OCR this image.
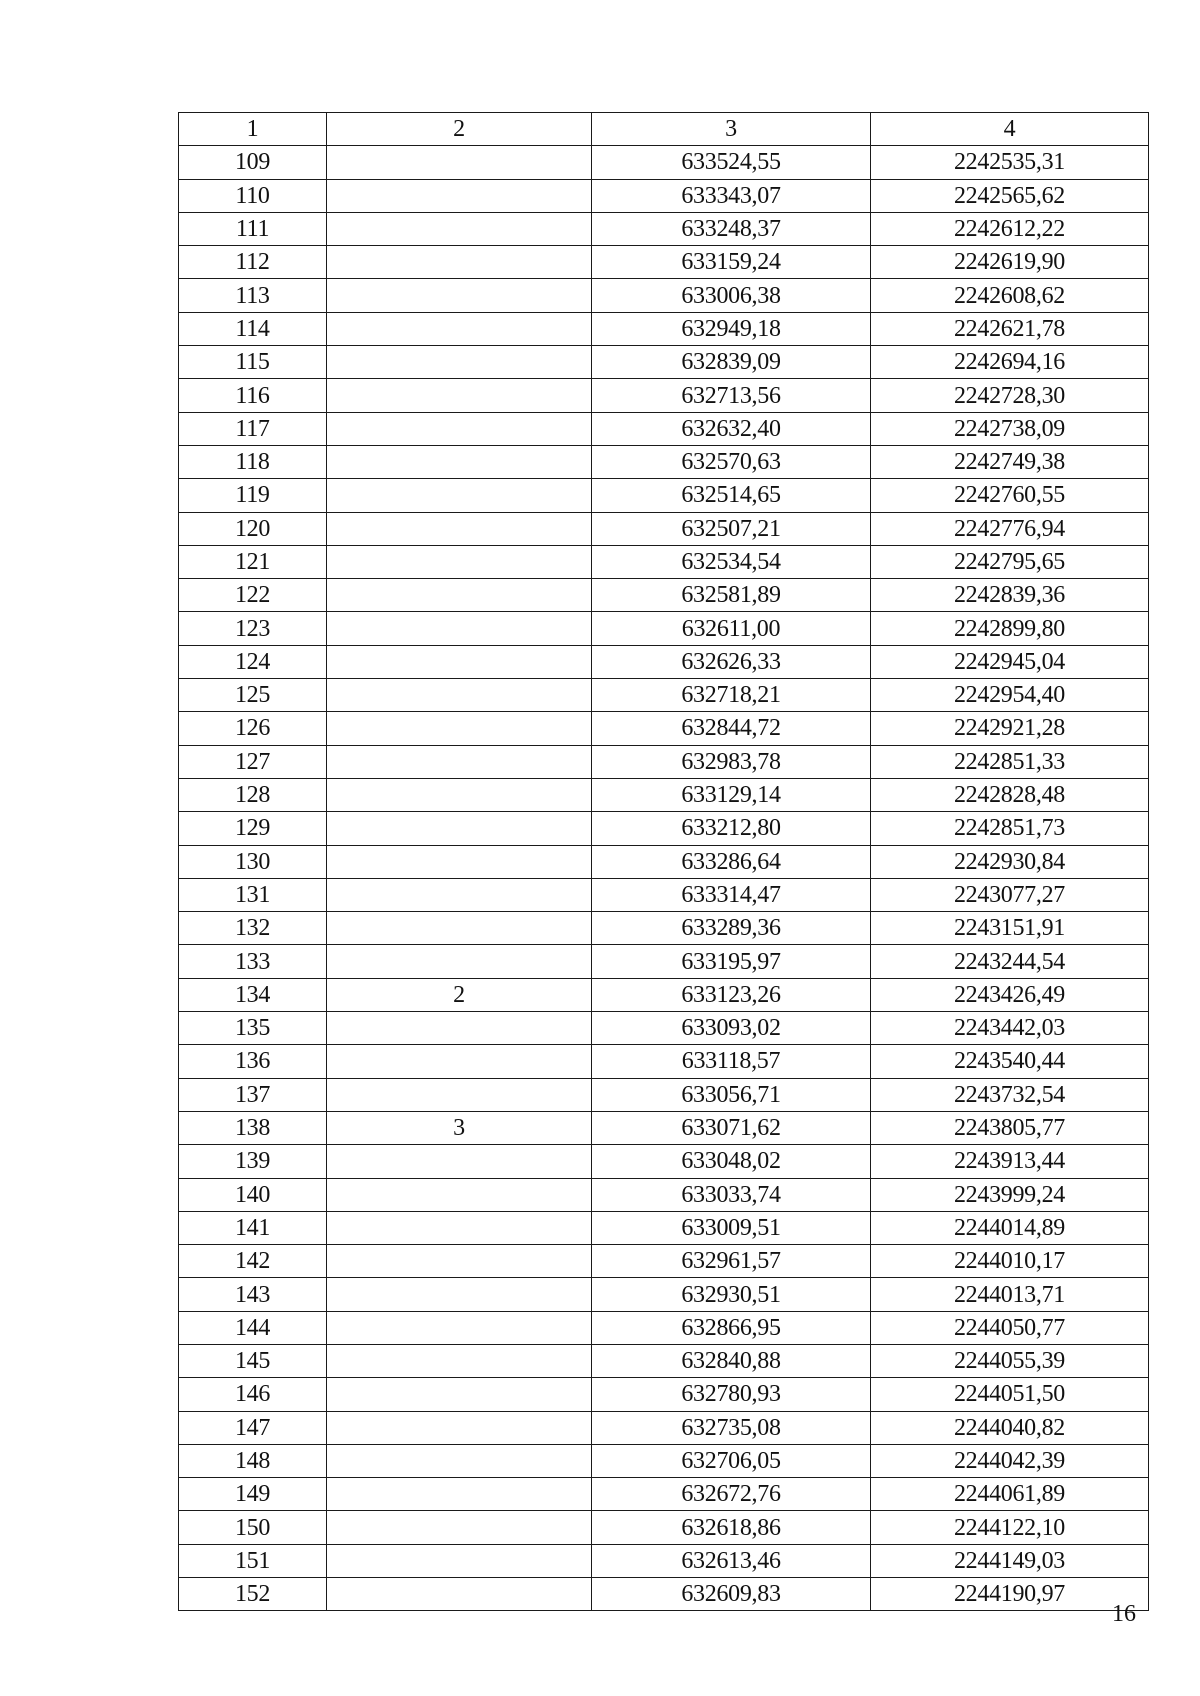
1	2	3	4
109		633524,55	2242535,31
110		633343,07	2242565,62
111		633248,37	2242612,22
112		633159,24	2242619,90
113		633006,38	2242608,62
114		632949,18	2242621,78
115		632839,09	2242694,16
116		632713,56	2242728,30
117		632632,40	2242738,09
118		632570,63	2242749,38
119		632514,65	2242760,55
120		632507,21	2242776,94
121		632534,54	2242795,65
122		632581,89	2242839,36
123		632611,00	2242899,80
124		632626,33	2242945,04
125		632718,21	2242954,40
126		632844,72	2242921,28
127		632983,78	2242851,33
128		633129,14	2242828,48
129		633212,80	2242851,73
130		633286,64	2242930,84
131		633314,47	2243077,27
132		633289,36	2243151,91
133		633195,97	2243244,54
134	2	633123,26	2243426,49
135		633093,02	2243442,03
136		633118,57	2243540,44
137		633056,71	2243732,54
138	3	633071,62	2243805,77
139		633048,02	2243913,44
140		633033,74	2243999,24
141		633009,51	2244014,89
142		632961,57	2244010,17
143		632930,51	2244013,71
144		632866,95	2244050,77
145		632840,88	2244055,39
146		632780,93	2244051,50
147		632735,08	2244040,82
148		632706,05	2244042,39
149		632672,76	2244061,89
150		632618,86	2244122,10
151		632613,46	2244149,03
152		632609,83	2244190,97
16
